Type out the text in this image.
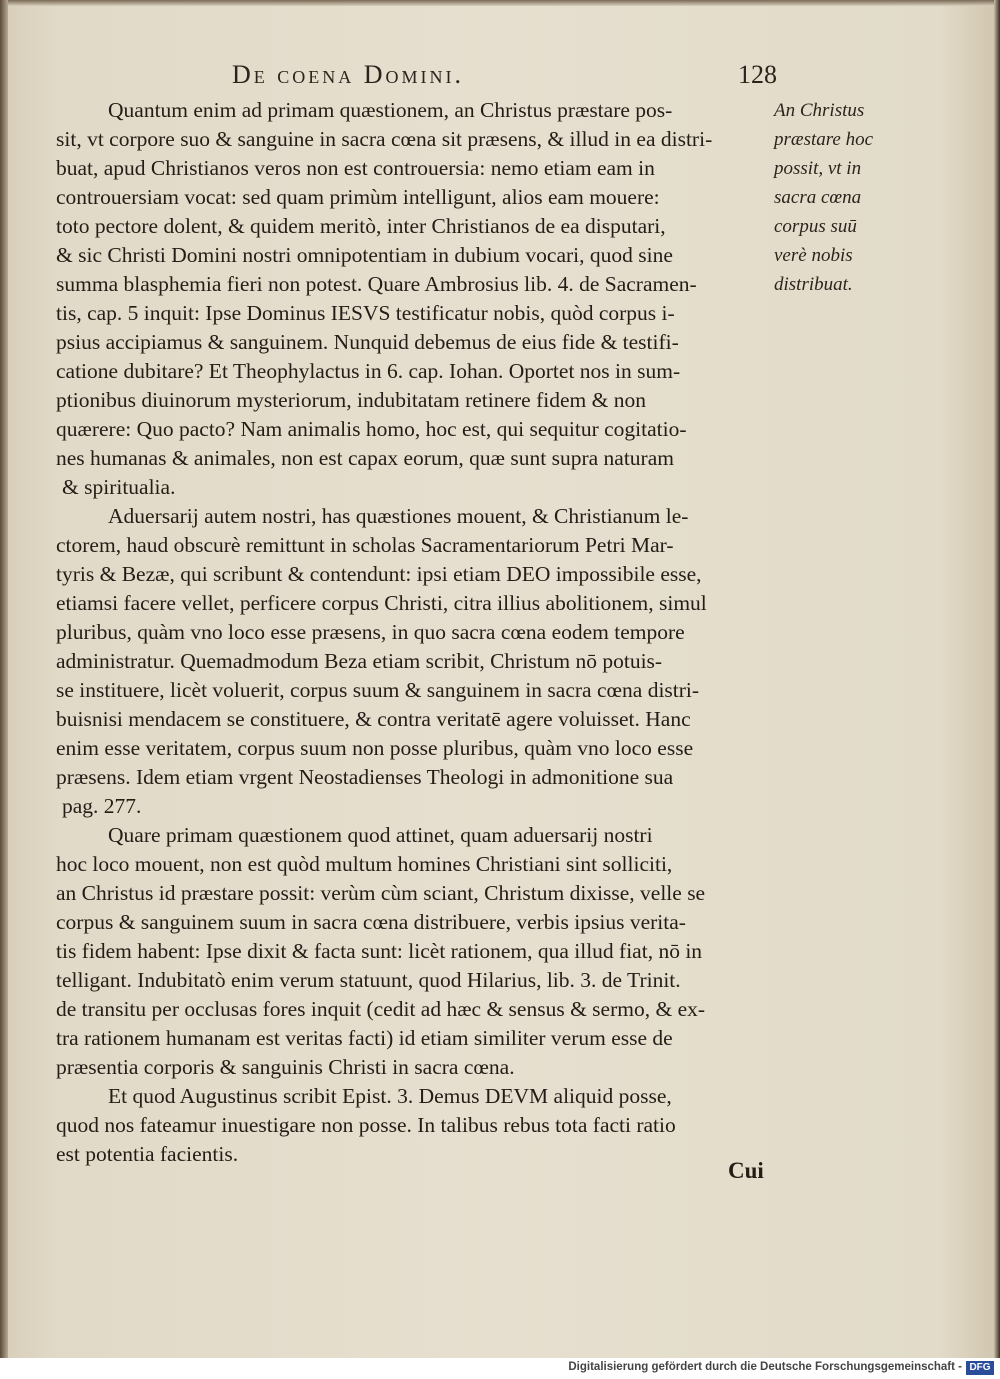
De coena Domini.	128
Quantum enim ad primam quæstionem, an Christus præstare pos-
sit, vt corpore suo & sanguine in sacra cœna sit præsens, & illud in ea distri-
buat, apud Christianos veros non est controuersia: nemo etiam eam in
controuersiam vocat: sed quam primùm intelligunt, alios eam mouere:
toto pectore dolent, & quidem meritò, inter Christianos de ea disputari,
& sic Christi Domini nostri omnipotentiam in dubium vocari, quod sine
summa blasphemia fieri non potest. Quare Ambrosius lib. 4. de Sacramen-
tis, cap. 5 inquit: Ipse Dominus IESVS testificatur nobis, quòd corpus i-
psius accipiamus & sanguinem. Nunquid debemus de eius fide & testifi-
catione dubitare? Et Theophylactus in 6. cap. Iohan. Oportet nos in sum-
ptionibus diuinorum mysteriorum, indubitatam retinere fidem & non
quærere: Quo pacto? Nam animalis homo, hoc est, qui sequitur cogitatio-
nes humanas & animales, non est capax eorum, quæ sunt supra naturam
& spiritualia.
Aduersarij autem nostri, has quæstiones mouent, & Christianum le-
ctorem, haud obscurè remittunt in scholas Sacramentariorum Petri Mar-
tyris & Bezæ, qui scribunt & contendunt: ipsi etiam DEO impossibile esse,
etiamsi facere vellet, perficere corpus Christi, citra illius abolitionem, simul
pluribus, quàm vno loco esse præsens, in quo sacra cœna eodem tempore
administratur. Quemadmodum Beza etiam scribit, Christum nō potuis-
se instituere, licèt voluerit, corpus suum & sanguinem in sacra cœna distri-
buisnisi mendacem se constituere, & contra veritatē agere voluisset. Hanc
enim esse veritatem, corpus suum non posse pluribus, quàm vno loco esse
præsens. Idem etiam vrgent Neostadienses Theologi in admonitione sua
pag. 277.
Quare primam quæstionem quod attinet, quam aduersarij nostri
hoc loco mouent, non est quòd multum homines Christiani sint solliciti,
an Christus id præstare possit: verùm cùm sciant, Christum dixisse, velle se
corpus & sanguinem suum in sacra cœna distribuere, verbis ipsius verita-
tis fidem habent: Ipse dixit & facta sunt: licèt rationem, qua illud fiat, nō in
telligant. Indubitatò enim verum statuunt, quod Hilarius, lib. 3. de Trinit.
de transitu per occlusas fores inquit (cedit ad hæc & sensus & sermo, & ex-
tra rationem humanam est veritas facti) id etiam similiter verum esse de
præsentia corporis & sanguinis Christi in sacra cœna.
Et quod Augustinus scribit Epist. 3. Demus DEVM aliquid posse,
quod nos fateamur inuestigare non posse. In talibus rebus tota facti ratio
est potentia facientis.
An Christus
præstare hoc
possit, vt in
sacra cœna
corpus suū
verè nobis
distribuat.
Cui
Digitalisierung gefördert durch die Deutsche Forschungsgemeinschaft - DFG
